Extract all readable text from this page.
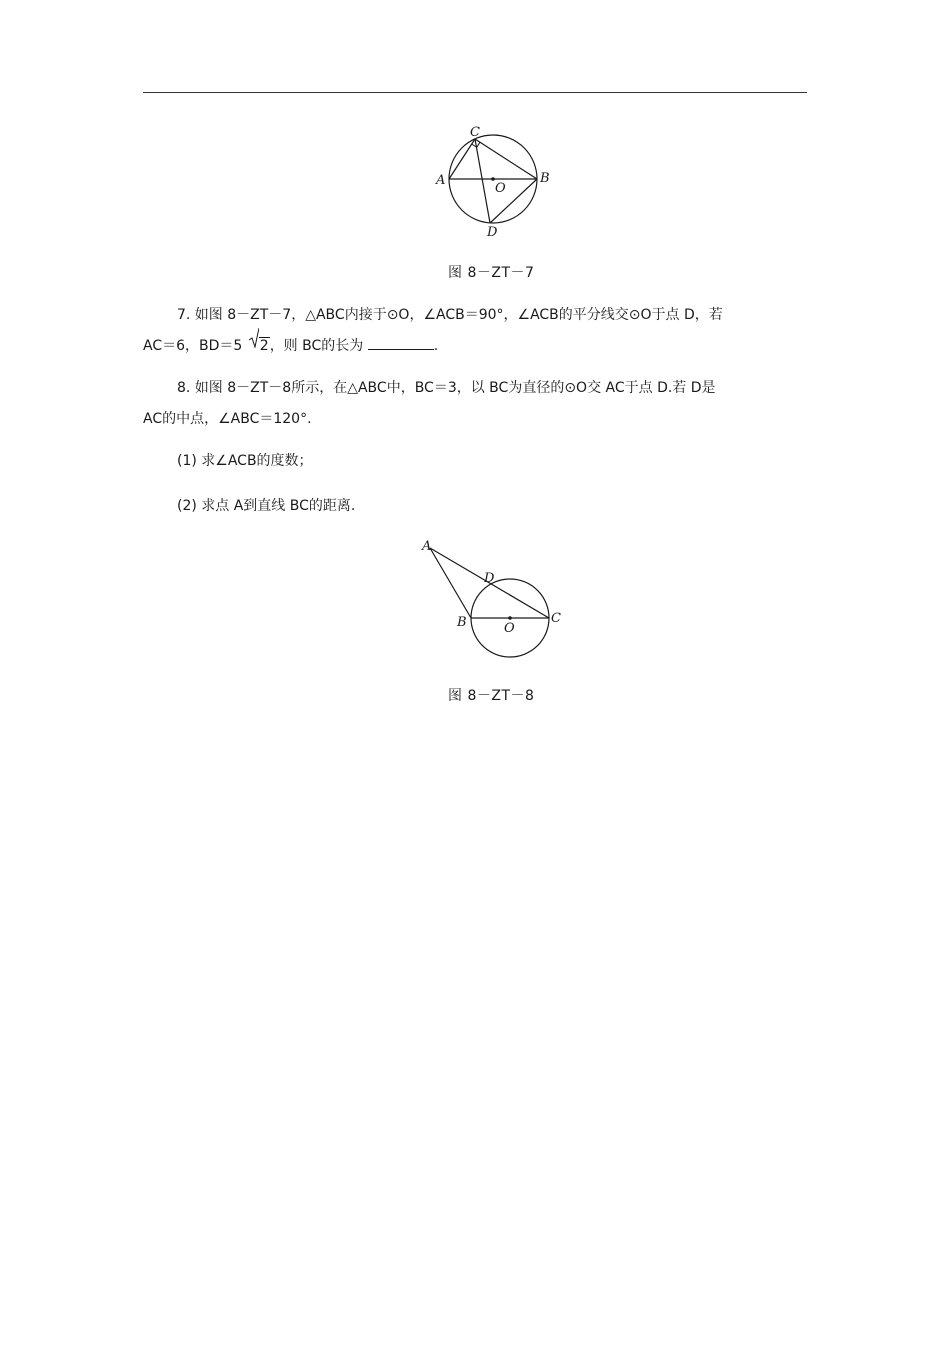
C
A	B
O
D
图 8－ZT－7
7. 如图 8－ZT－7，△ABC内接于⊙O，∠ACB＝90°，∠ACB的平分线交⊙O于点 D，若
AC＝6，BD＝5 2，则 BC的长为	.
8. 如图 8－ZT－8所示，在△ABC中，BC＝3，以 BC为直径的⊙O交 AC于点 D.若 D是
AC的中点，∠ABC＝120°.
(1) 求∠ACB的度数；
(2) 求点 A到直线 BC的距离.
A
D
B	O
C
图 8－ZT－8
